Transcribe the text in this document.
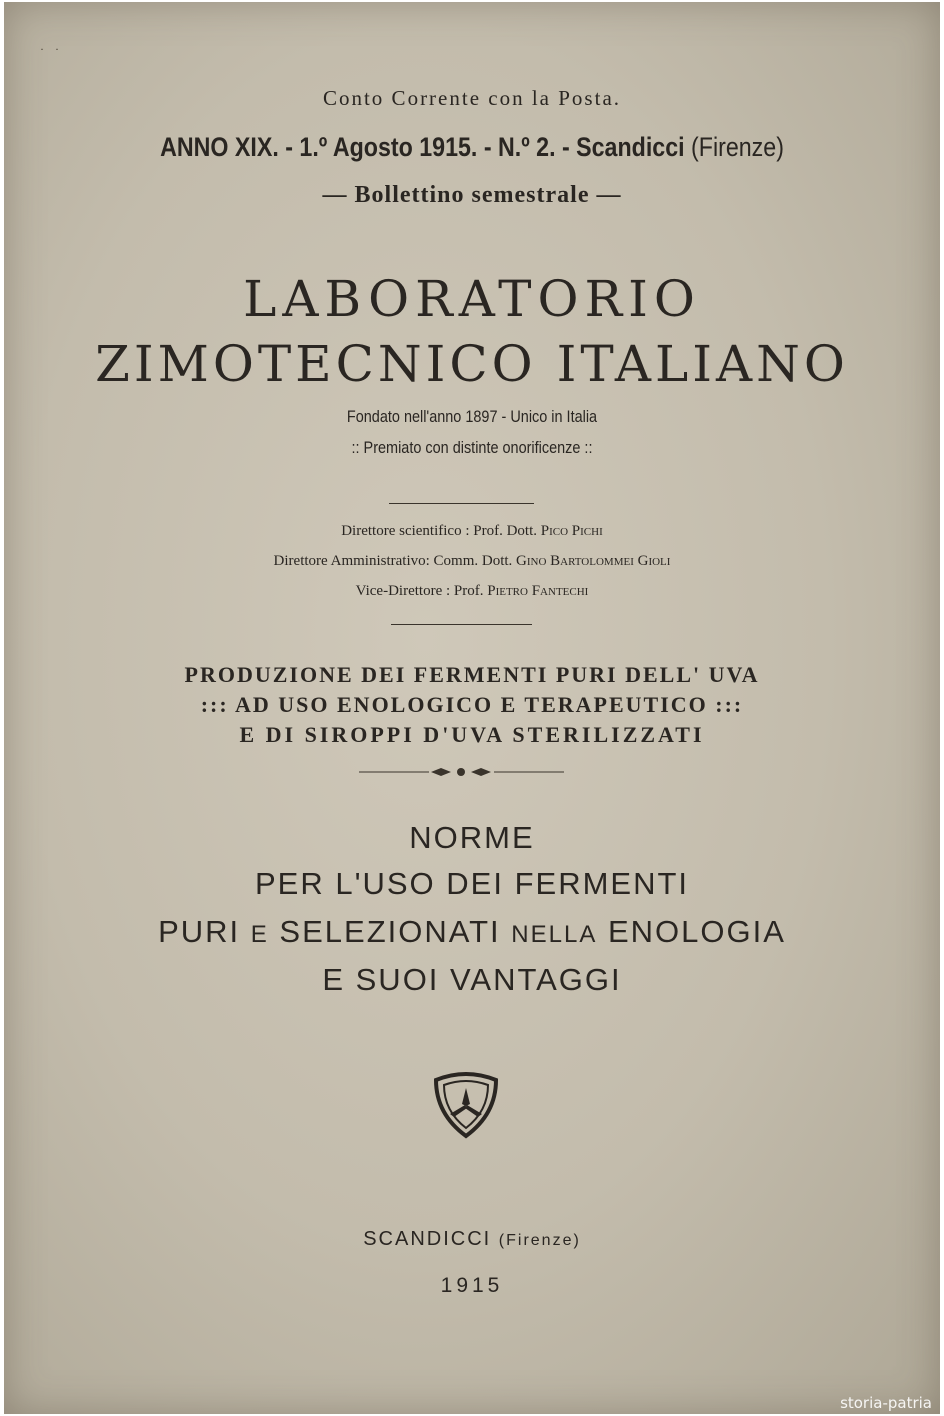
· ·
Conto Corrente con la Posta.
ANNO XIX. - 1.º Agosto 1915. - N.º 2. - Scandicci (Firenze)
— Bollettino semestrale —
LABORATORIO
ZIMOTECNICO ITALIANO
Fondato nell'anno 1897 - Unico in Italia
:: Premiato con distinte onorificenze ::
Direttore scientifico : Prof. Dott. Pico Pichi
Direttore Amministrativo: Comm. Dott. Gino Bartolommei Gioli
Vice-Direttore : Prof. Pietro Fantechi
PRODUZIONE DEI FERMENTI PURI DELL' UVA
::: AD USO ENOLOGICO E TERAPEUTICO :::
E DI SIROPPI D'UVA STERILIZZATI
NORME
PER L'USO DEI FERMENTI
PURI E SELEZIONATI NELLA ENOLOGIA
E SUOI VANTAGGI
SCANDICCI (Firenze)
1915
storia-patria
